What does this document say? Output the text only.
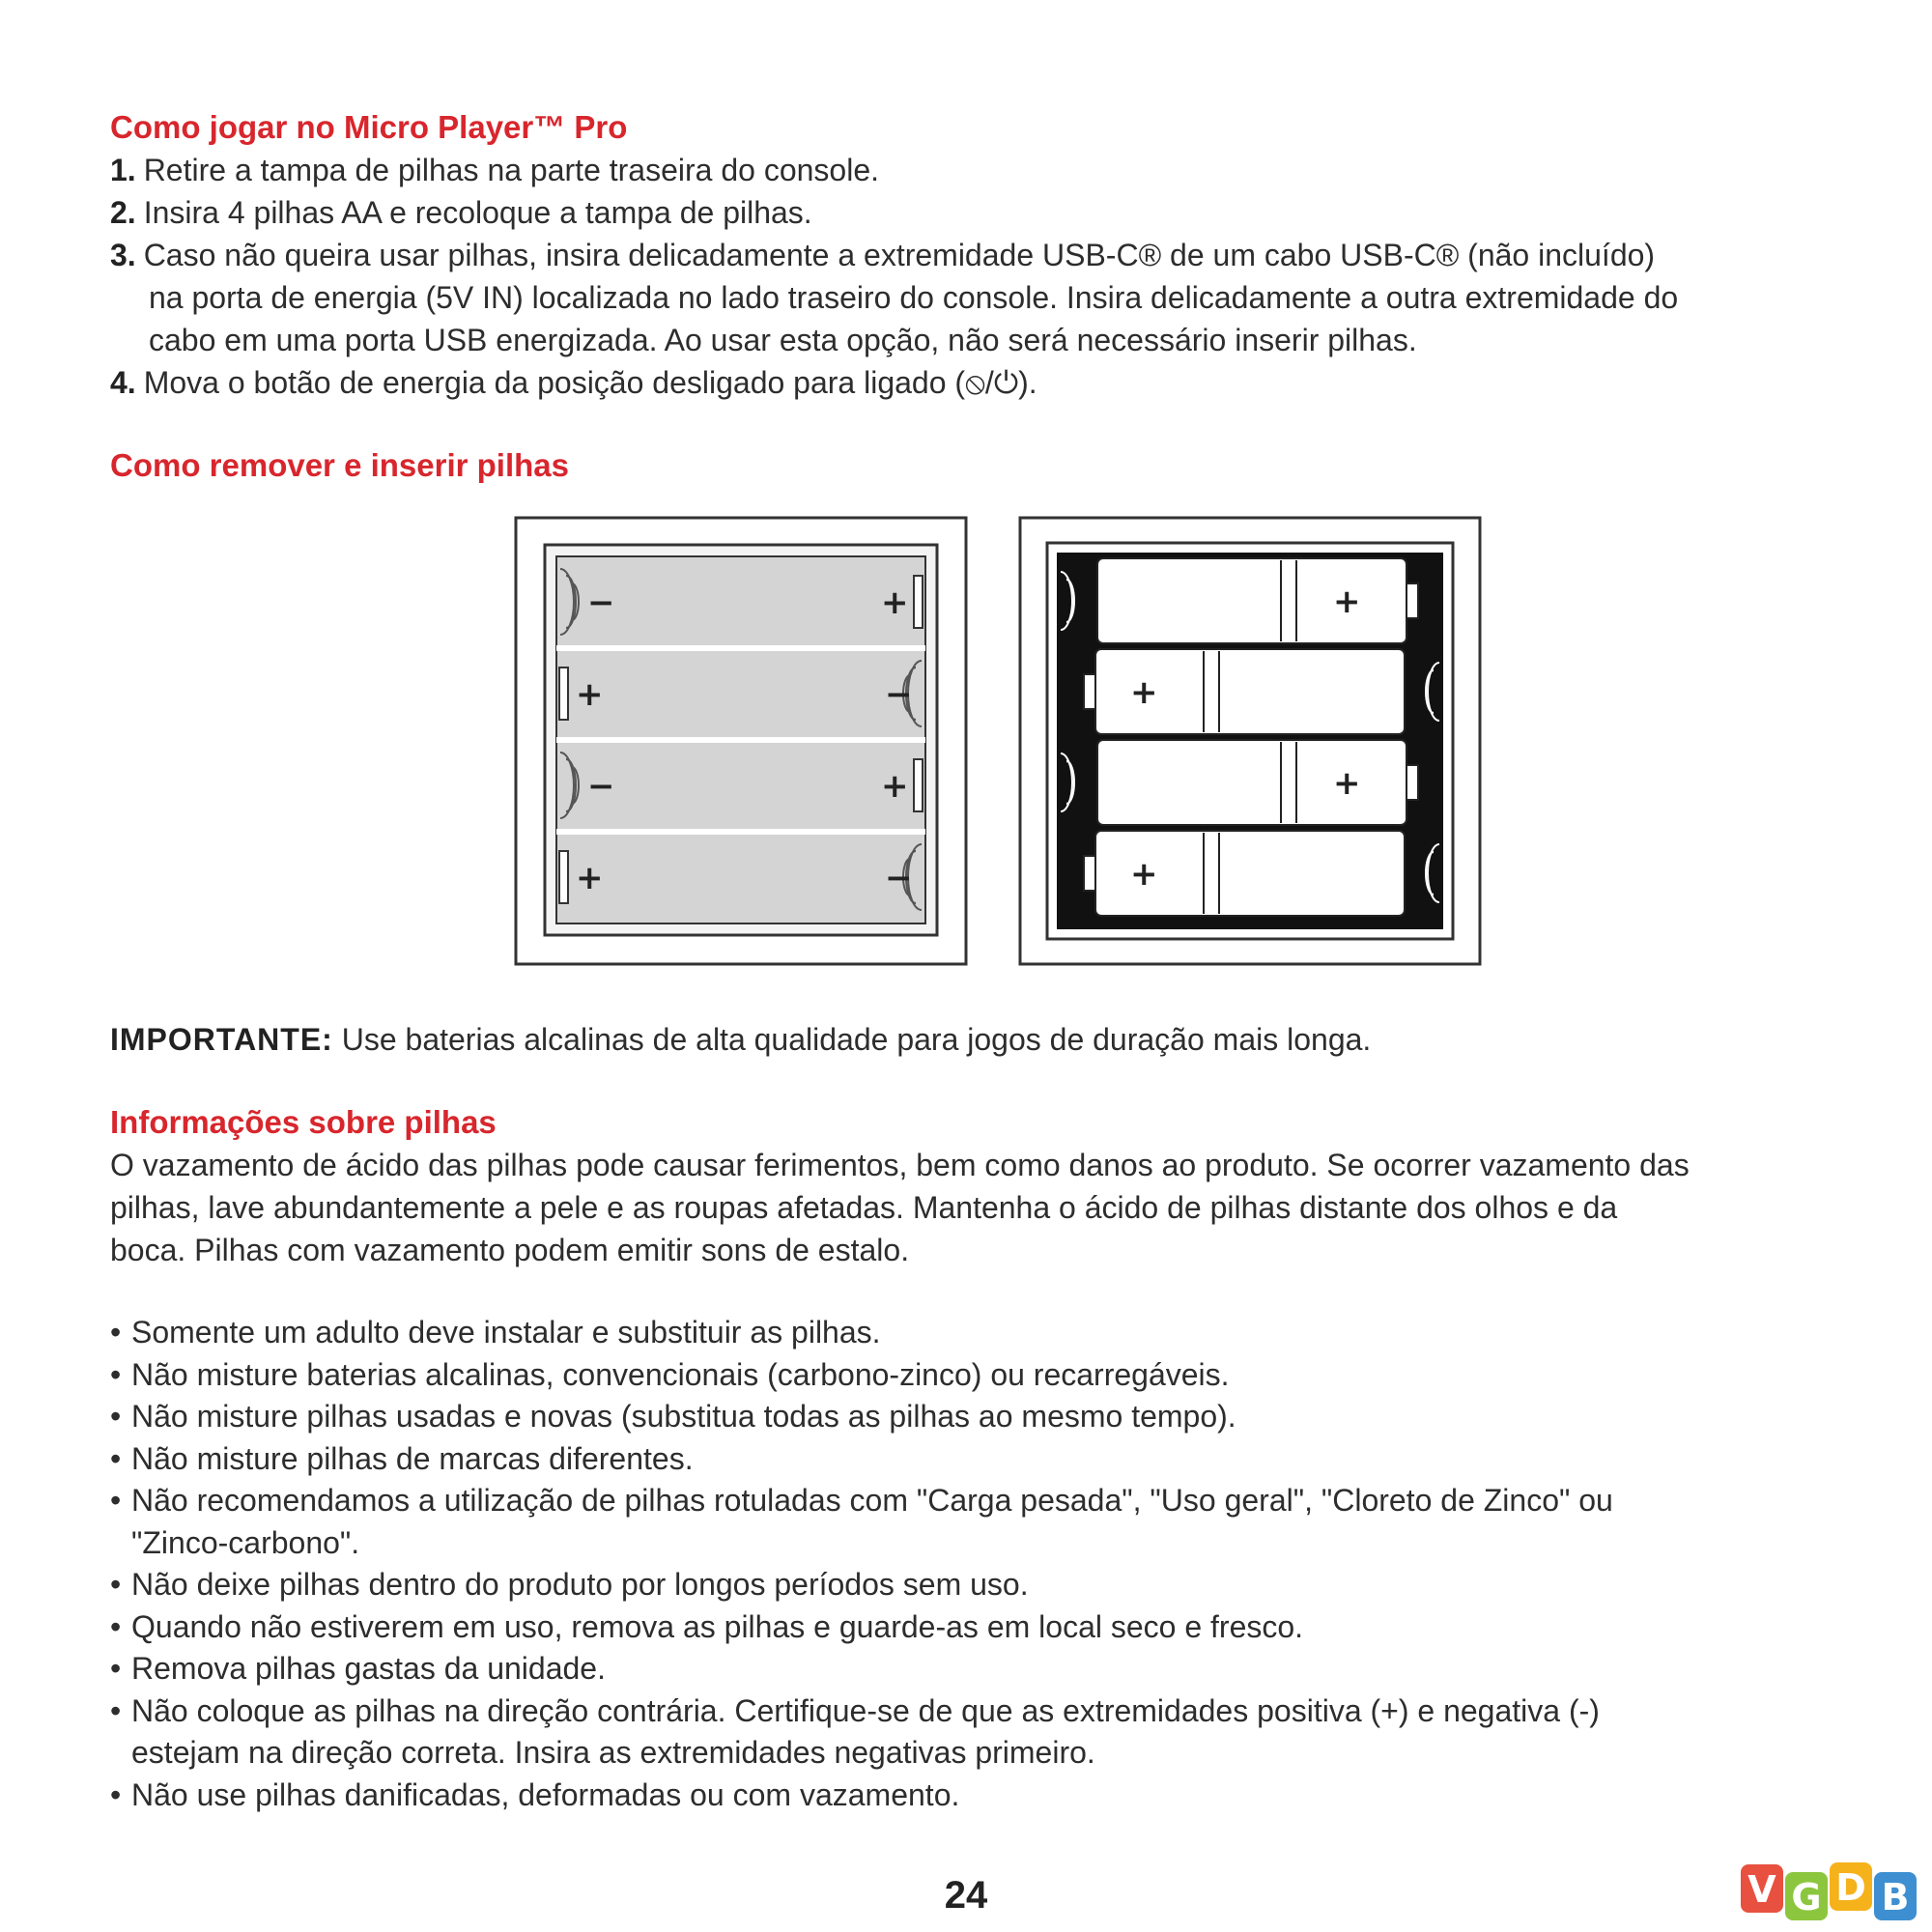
Como jogar no Micro Player™ Pro

1. Retire a tampa de pilhas na parte traseira do console.

2. Insira 4 pilhas AA e recoloque a tampa de pilhas.

3. Caso não queira usar pilhas, insira delicadamente a extremidade USB-C® de um cabo USB-C® (não incluído)

na porta de energia (5V IN) localizada no lado traseiro do console. Insira delicadamente a outra extremidade do

cabo em uma porta USB energizada. Ao usar esta opção, não será necessário inserir pilhas.

4. Mova o botão de energia da posição desligado para ligado (⦸/⏻).

Como remover e inserir pilhas
−	+
+	−
−	+
+	−
+
+
+
+

IMPORTANTE: Use baterias alcalinas de alta qualidade para jogos de duração mais longa.

Informações sobre pilhas

O vazamento de ácido das pilhas pode causar ferimentos, bem como danos ao produto. Se ocorrer vazamento das

pilhas, lave abundantemente a pele e as roupas afetadas. Mantenha o ácido de pilhas distante dos olhos e da

boca. Pilhas com vazamento podem emitir sons de estalo.

• Somente um adulto deve instalar e substituir as pilhas.
• Não misture baterias alcalinas, convencionais (carbono-zinco) ou recarregáveis.
• Não misture pilhas usadas e novas (substitua todas as pilhas ao mesmo tempo).
• Não misture pilhas de marcas diferentes.
• Não recomendamos a utilização de pilhas rotuladas com "Carga pesada", "Uso geral", "Cloreto de Zinco" ou
"Zinco-carbono".
• Não deixe pilhas dentro do produto por longos períodos sem uso.
• Quando não estiverem em uso, remova as pilhas e guarde-as em local seco e fresco.
• Remova pilhas gastas da unidade.
• Não coloque as pilhas na direção contrária. Certifique-se de que as extremidades positiva (+) e negativa (-)
estejam na direção correta. Insira as extremidades negativas primeiro.
• Não use pilhas danificadas, deformadas ou com vazamento.
24	V G D B
